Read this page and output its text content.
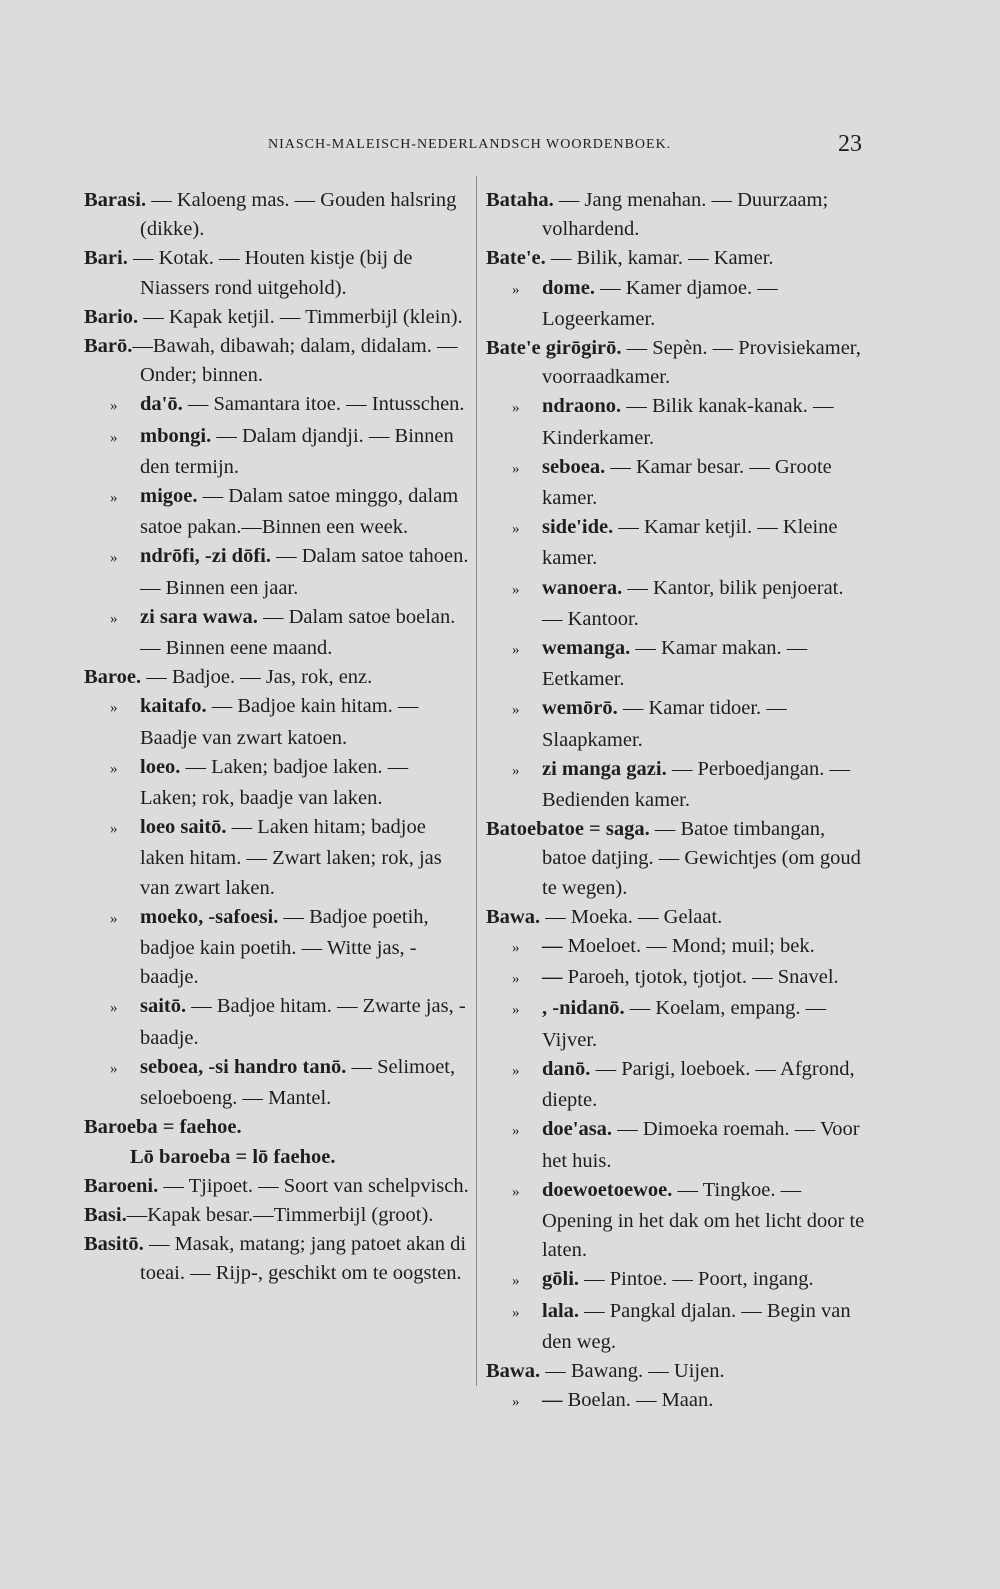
NIASCH-MALEISCH-NEDERLANDSCH WOORDENBOEK.	23

Barasi. — Kaloeng mas. — Gouden halsring (dikke).

Bari. — Kotak. — Houten kistje (bij de Niassers rond uitgehold).

Bario. — Kapak ketjil. — Timmerbijl (klein).

Barō.—Bawah, dibawah; dalam, didalam. — Onder; binnen.

» da'ō. — Samantara itoe. — Intusschen.

» mbongi. — Dalam djandji. — Binnen den termijn.

» migoe. — Dalam satoe minggo, dalam satoe pakan.—Binnen een week.

» ndrōfi, -zi dōfi. — Dalam satoe tahoen. — Binnen een jaar.

» zi sara wawa. — Dalam satoe boelan. — Binnen eene maand.

Baroe. — Badjoe. — Jas, rok, enz.

» kaitafo. — Badjoe kain hitam. — Baadje van zwart katoen.

» loeo. — Laken; badjoe laken. — Laken; rok, baadje van laken.

» loeo saitō. — Laken hitam; badjoe laken hitam. — Zwart laken; rok, jas van zwart laken.

» moeko, -safoesi. — Badjoe poetih, badjoe kain poetih. — Witte jas, -baadje.

» saitō. — Badjoe hitam. — Zwarte jas, -baadje.

» seboea, -si handro tanō. — Selimoet, seloeboeng. — Mantel.

Baroeba = faehoe.

Lō baroeba = lō faehoe.

Baroeni. — Tjipoet. — Soort van schelpvisch.

Basi.—Kapak besar.—Timmerbijl (groot).

Basitō. — Masak, matang; jang patoet akan di toeai. — Rijp-, geschikt om te oogsten.

Bataha. — Jang menahan. — Duurzaam; volhardend.

Bate'e. — Bilik, kamar. — Kamer.

» dome. — Kamer djamoe. — Logeerkamer.

Bate'e girōgirō. — Sepèn. — Provisiekamer, voorraadkamer.

» ndraono. — Bilik kanak-kanak. — Kinderkamer.

» seboea. — Kamar besar. — Groote kamer.

» side'ide. — Kamar ketjil. — Kleine kamer.

» wanoera. — Kantor, bilik penjoerat. — Kantoor.

» wemanga. — Kamar makan. — Eetkamer.

» wemōrō. — Kamar tidoer. — Slaapkamer.

» zi manga gazi. — Perboedjangan. — Bedienden kamer.

Batoebatoe = saga. — Batoe timbangan, batoe datjing. — Gewichtjes (om goud te wegen).

Bawa. — Moeka. — Gelaat.

» — Moeloet. — Mond; muil; bek.

» — Paroeh, tjotok, tjotjot. — Snavel.

» , -nidanō. — Koelam, empang. — Vijver.

» danō. — Parigi, loeboek. — Afgrond, diepte.

» doe'asa. — Dimoeka roemah. — Voor het huis.

» doewoetoewoe. — Tingkoe. — Opening in het dak om het licht door te laten.

» gōli. — Pintoe. — Poort, ingang.

» lala. — Pangkal djalan. — Begin van den weg.

Bawa. — Bawang. — Uijen.

» — Boelan. — Maan.
